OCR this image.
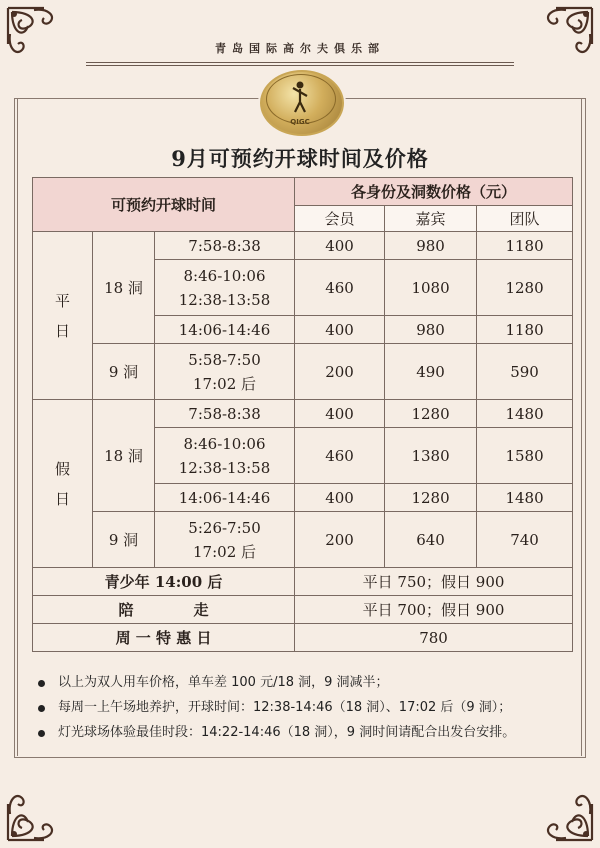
青岛国际高尔夫俱乐部
QIGC
9月可预约开球时间及价格
可预约开球时间			各身份及洞数价格（元）		
			会员	嘉宾	团队

平日	18 洞	7:58-8:38	400	980	1180

		8:46-10:06
12:38-13:58	460	1080	1280
		14:06-14:46	400	980	1180

	9 洞	5:58-7:50
17:02 后	200	490	590

假日	18 洞	7:58-8:38	400	1280	1480

		8:46-10:06
12:38-13:58	460	1380	1580
		14:06-14:46	400	1280	1480

	9 洞	5:26-7:50
17:02 后	200	640	740

青少年 14:00 后			平日 750；假日 900		
陪　　　　走			平日 700；假日 900		
周 一 特 惠 日			780		
以上为双人用车价格，单车差 100 元/18 洞，9 洞减半；
每周一上午场地养护，开球时间：12:38-14:46（18 洞）、17:02 后（9 洞）；
灯光球场体验最佳时段：14:22-14:46（18 洞），9 洞时间请配合出发台安排。
